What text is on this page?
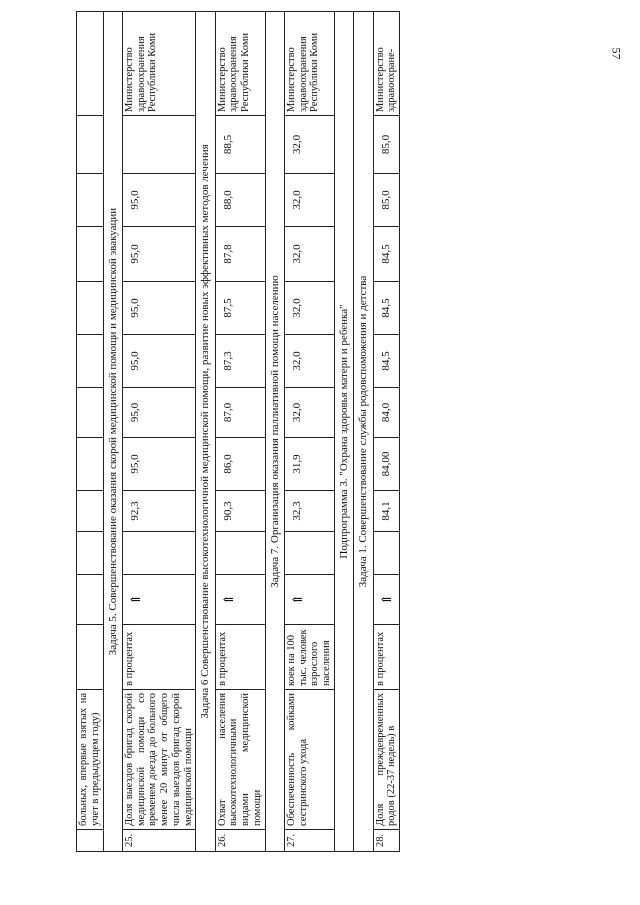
57
	больных, впервые взятых на учет в предыдущем году)												
Задача 5. Совершенствование оказания скорой медицинской помощи и медицинской эвакуации													
25.	Доля выездов бригад скорой медицинской помощи со временем доезда до больного менее 20 минут от общего числа выездов бригад скорой медицинской помощи	в процентах	⇑		92,3	95,0	95,0	95,0	95,0	95,0	95,0		Министерство здравоохранения Республики Коми
Задача 6 Совершенствование высокотехнологичной медицинской помощи, развитие новых эффективных методов лечения													
26.	Охват населения высокотехнологичными видами медицинской помощи	в процентах	⇑		90,3	86,0	87,0	87,3	87,5	87,8	88,0	88,5	Министерство здравоохранения Республики Коми
Задача 7. Организация оказания паллиативной помощи населению													
27.	Обеспеченность койками сестринского ухода	коек на 100 тыс. человек взрослого населения	⇑		32,3	31,9	32,0	32,0	32,0	32,0	32,0	32,0	Министерство здравоохранения Республики Коми
Подпрограмма 3. "Охрана здоровья матери и ребенка"													
Задача 1. Совершенствование службы родовспоможения и детства													
28.	Доля преждевременных родов (22-37 недель) в	в процентах	⇑		84,1	84,00	84,0	84,5	84,5	84,5	85,0	85,0	Министерство здравоохране-
